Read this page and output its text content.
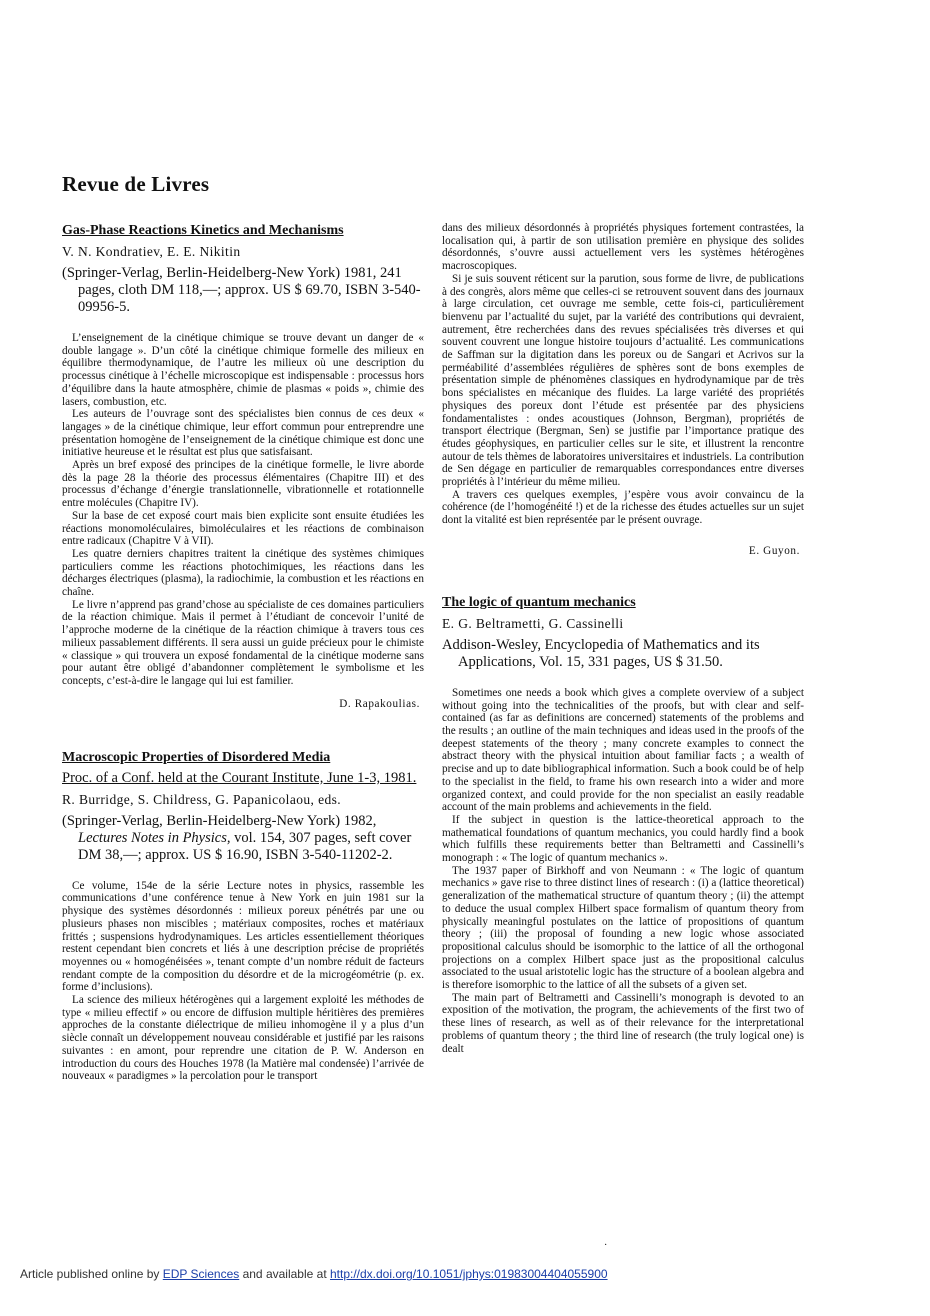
Revue de Livres
Gas-Phase Reactions Kinetics and Mechanisms
V. N. Kondratiev, E. E. Nikitin
(Springer-Verlag, Berlin-Heidelberg-New York) 1981, 241 pages, cloth DM 118,—; approx. US $ 69.70, ISBN 3-540-09956-5.

L’enseignement de la cinétique chimique se trouve devant un danger de « double langage ». D’un côté la cinétique chimique formelle des milieux en équilibre thermodynamique, de l’autre les milieux où une description du processus cinétique à l’échelle microscopique est indispensable : processus hors d’équilibre dans la haute atmosphère, chimie de plasmas « poids », chimie des lasers, combustion, etc.

Les auteurs de l’ouvrage sont des spécialistes bien connus de ces deux « langages » de la cinétique chimique, leur effort commun pour entreprendre une présentation homogène de l’enseignement de la cinétique chimique est donc une initiative heureuse et le résultat est plus que satisfaisant.

Après un bref exposé des principes de la cinétique formelle, le livre aborde dès la page 28 la théorie des processus élémentaires (Chapitre III) et des processus d’échange d’énergie translationnelle, vibrationnelle et rotationnelle entre molécules (Chapitre IV).

Sur la base de cet exposé court mais bien explicite sont ensuite étudiées les réactions monomoléculaires, bimoléculaires et les réactions de combinaison entre radicaux (Chapitre V à VII).

Les quatre derniers chapitres traitent la cinétique des systèmes chimiques particuliers comme les réactions photochimiques, les réactions dans les décharges électriques (plasma), la radiochimie, la combustion et les réactions en chaîne.

Le livre n’apprend pas grand’chose au spécialiste de ces domaines particuliers de la réaction chimique. Mais il permet à l’étudiant de concevoir l’unité de l’approche moderne de la cinétique de la réaction chimique à travers tous ces milieux passablement différents. Il sera aussi un guide précieux pour le chimiste « classique » qui trouvera un exposé fondamental de la cinétique moderne sans pour autant être obligé d’abandonner complètement le symbolisme et les concepts, c’est-à-dire le langage qui lui est familier.

D. Rapakoulias.
Macroscopic Properties of Disordered Media
Proc. of a Conf. held at the Courant Institute, June 1-3, 1981.
R. Burridge, S. Childress, G. Papanicolaou, eds.
(Springer-Verlag, Berlin-Heidelberg-New York) 1982, Lectures Notes in Physics, vol. 154, 307 pages, seft cover DM 38,—; approx. US $ 16.90, ISBN 3-540-11202-2.

Ce volume, 154e de la série Lecture notes in physics, rassemble les communications d’une conférence tenue à New York en juin 1981 sur la physique des systèmes désordonnés : milieux poreux pénétrés par une ou plusieurs phases non miscibles ; matériaux composites, roches et matériaux frittés ; suspensions hydrodynamiques. Les articles essentiellement théoriques restent cependant bien concrets et liés à une description précise de propriétés moyennes ou « homogénéisées », tenant compte d’un nombre réduit de facteurs rendant compte de la composition du désordre et de la microgéométrie (p. ex. forme d’inclusions).

La science des milieux hétérogènes qui a largement exploité les méthodes de type « milieu effectif » ou encore de diffusion multiple héritières des premières approches de la constante diélectrique de milieu inhomogène il y a plus d’un siècle connaît un développement nouveau considérable et justifié par les raisons suivantes : en amont, pour reprendre une citation de P. W. Anderson en introduction du cours des Houches 1978 (la Matière mal condensée) l’arrivée de nouveaux « paradigmes » la percolation pour le transport

dans des milieux désordonnés à propriétés physiques fortement contrastées, la localisation qui, à partir de son utilisation première en physique des solides désordonnés, s’ouvre aussi actuellement vers les systèmes hétérogènes macroscopiques.

Si je suis souvent réticent sur la parution, sous forme de livre, de publications à des congrès, alors même que celles-ci se retrouvent souvent dans des journaux à large circulation, cet ouvrage me semble, cette fois-ci, particulièrement bienvenu par l’actualité du sujet, par la variété des contributions qui devraient, autrement, être recherchées dans des revues spécialisées très diverses et qui souvent couvrent une longue histoire toujours d’actualité. Les communications de Saffman sur la digitation dans les poreux ou de Sangari et Acrivos sur la perméabilité d’assemblées régulières de sphères sont de bons exemples de présentation simple de phénomènes classiques en hydrodynamique par de très bons spécialistes en mécanique des fluides. La large variété des propriétés physiques des poreux dont l’étude est présentée par des physiciens fondamentalistes : ondes acoustiques (Johnson, Bergman), propriétés de transport électrique (Bergman, Sen) se justifie par l’importance pratique des études géophysiques, en particulier celles sur le site, et illustrent la rencontre autour de tels thèmes de laboratoires universitaires et industriels. La contribution de Sen dégage en particulier de remarquables correspondances entre diverses propriétés à l’intérieur du même milieu.

A travers ces quelques exemples, j’espère vous avoir convaincu de la cohérence (de l’homogénéité !) et de la richesse des études actuelles sur un sujet dont la vitalité est bien représentée par le présent ouvrage.

E. Guyon.
The logic of quantum mechanics
E. G. Beltrametti, G. Cassinelli
Addison-Wesley, Encyclopedia of Mathematics and its Applications, Vol. 15, 331 pages, US $ 31.50.

Sometimes one needs a book which gives a complete overview of a subject without going into the technicalities of the proofs, but with clear and self-contained (as far as definitions are concerned) statements of the problems and the results ; an outline of the main techniques and ideas used in the proofs of the deepest statements of the theory ; many concrete examples to connect the abstract theory with the physical intuition about familiar facts ; a wealth of precise and up to date bibliographical information. Such a book could be of help to the specialist in the field, to frame his own research into a wider and more organized context, and could provide for the non specialist an easily readable account of the main problems and achievements in the field.

If the subject in question is the lattice-theoretical approach to the mathematical foundations of quantum mechanics, you could hardly find a book which fulfills these requirements better than Beltrametti and Cassinelli’s monograph : « The logic of quantum mechanics ».

The 1937 paper of Birkhoff and von Neumann : « The logic of quantum mechanics » gave rise to three distinct lines of research : (i) a (lattice theoretical) generalization of the mathematical structure of quantum theory ; (ii) the attempt to deduce the usual complex Hilbert space formalism of quantum theory from physically meaningful postulates on the lattice of propositions of quantum theory ; (iii) the proposal of founding a new logic whose associated propositional calculus should be isomorphic to the lattice of all the orthogonal projections on a complex Hilbert space just as the propositional calculus associated to the usual aristotelic logic has the structure of a boolean algebra and is therefore isomorphic to the lattice of all the subsets of a given set.

The main part of Beltrametti and Cassinelli’s monograph is devoted to an exposition of the motivation, the program, the achievements of the first two of these lines of research, as well as of their relevance for the interpretational problems of quantum theory ; the third line of research (the truly logical one) is dealt

·
Article published online by EDP Sciences and available at http://dx.doi.org/10.1051/jphys:01983004404055900
